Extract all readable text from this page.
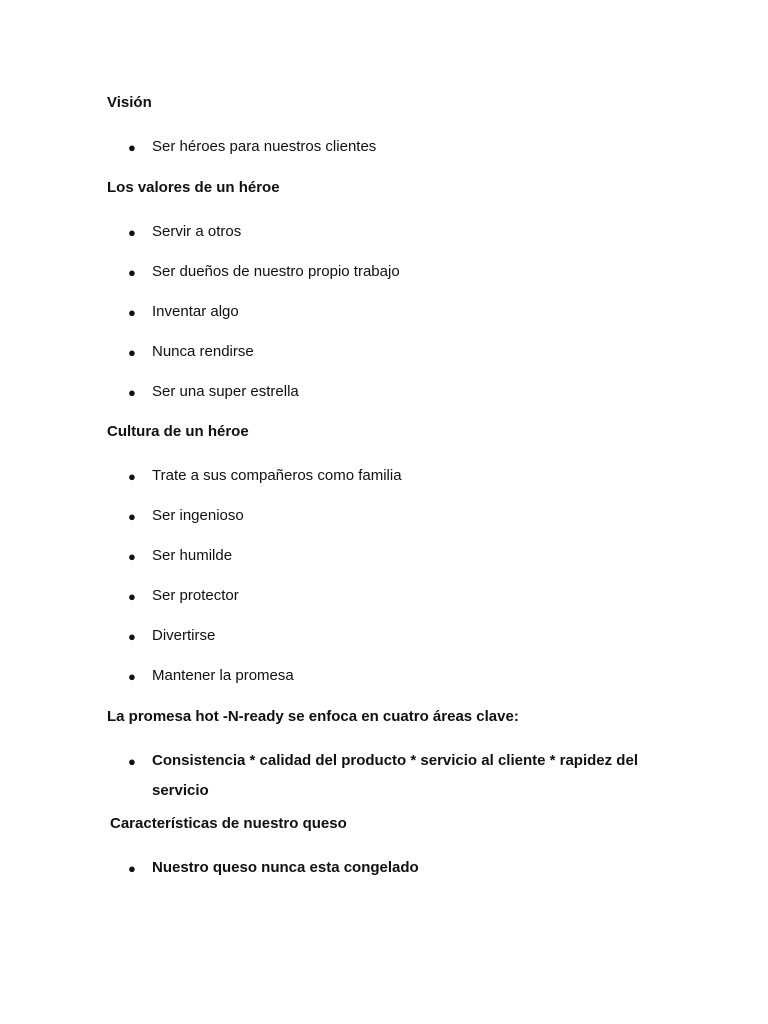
Visión
●	Ser héroes para nuestros clientes
Los valores de un héroe
●	Servir a otros
●	Ser dueños de nuestro propio trabajo
●	Inventar algo
●	Nunca rendirse
●	Ser una super estrella
Cultura de un héroe
●	Trate a sus compañeros como familia
●	Ser ingenioso
●	Ser humilde
●	Ser protector
●	Divertirse
●	Mantener la promesa
La promesa hot -N-ready se enfoca en cuatro áreas clave:
●	Consistencia * calidad del producto * servicio al cliente * rapidez del servicio
Características de nuestro queso
●	Nuestro queso nunca esta congelado
